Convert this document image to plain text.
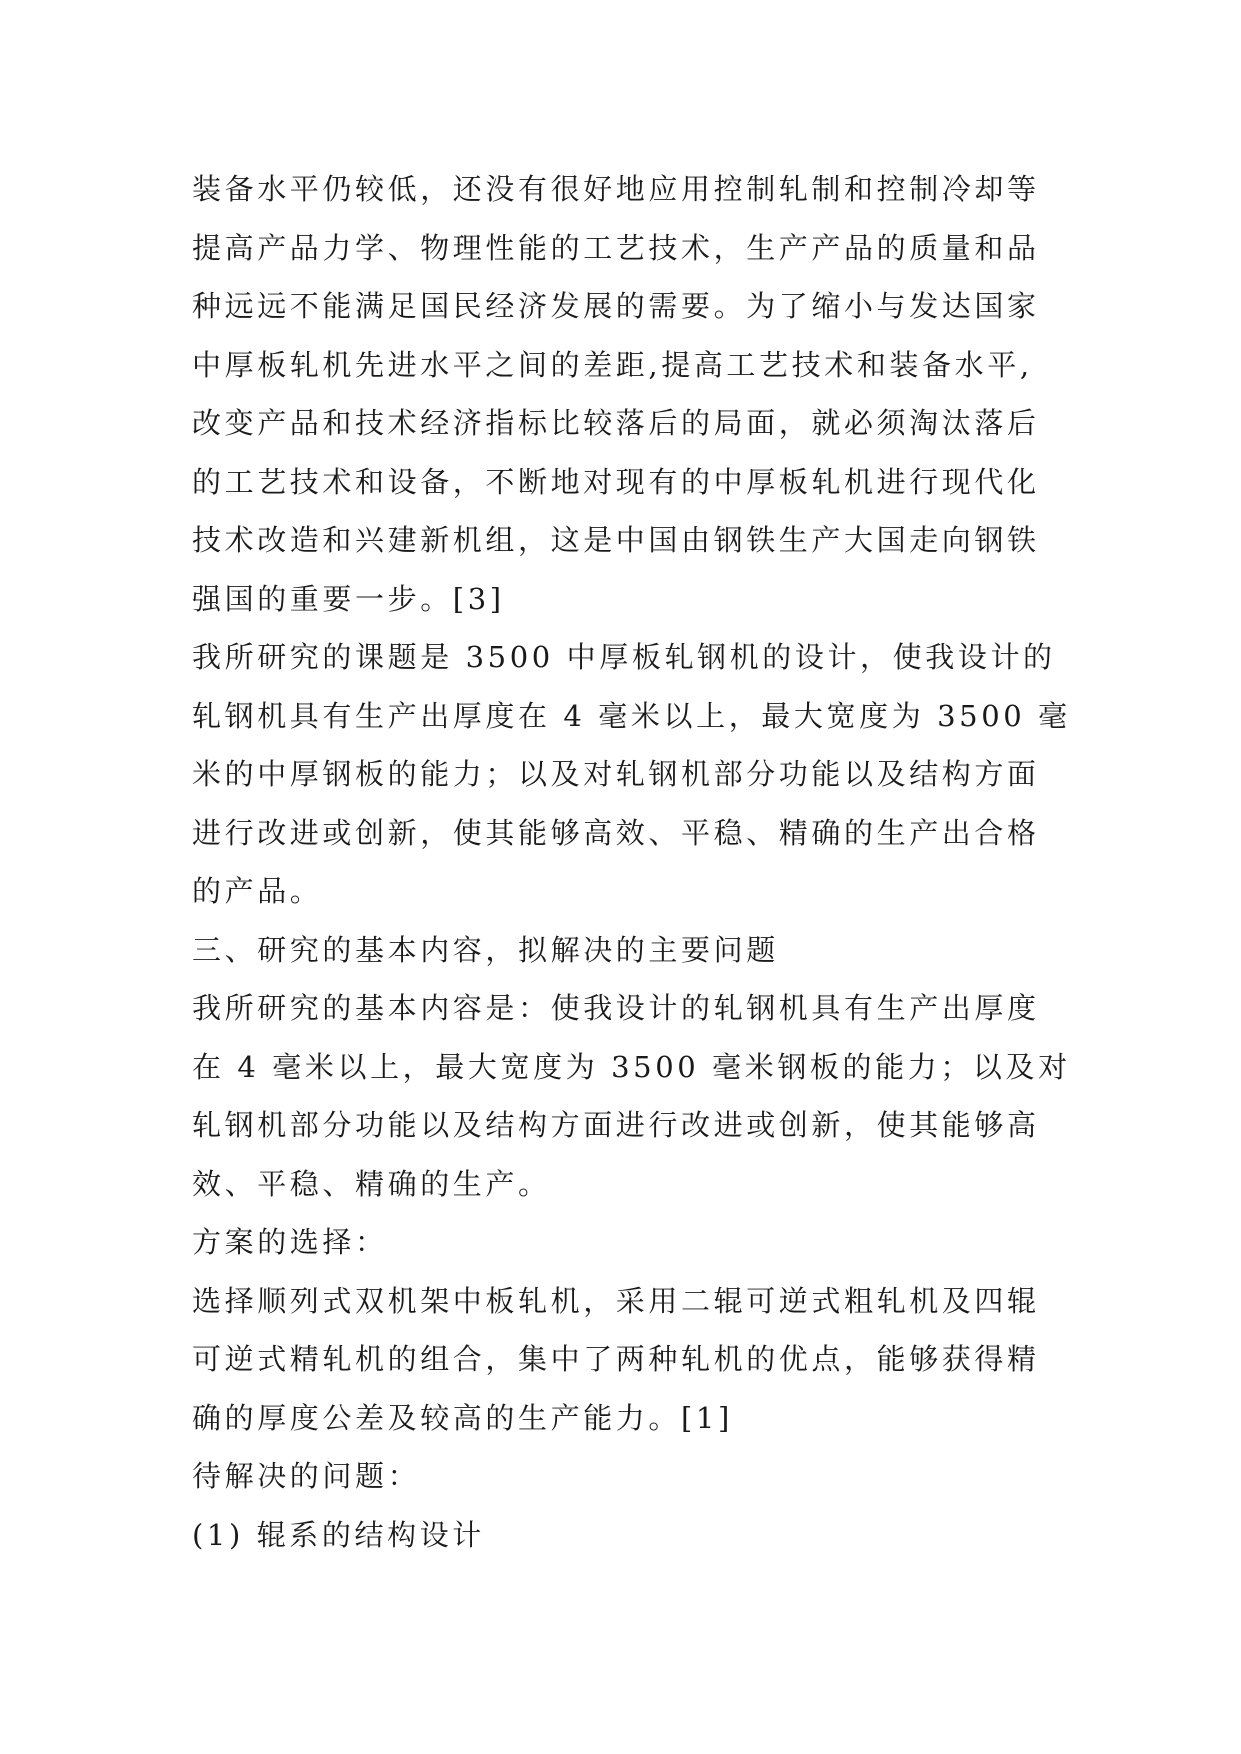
装备水平仍较低，还没有很好地应用控制轧制和控制冷却等
提高产品力学、物理性能的工艺技术，生产产品的质量和品
种远远不能满足国民经济发展的需要。为了缩小与发达国家
中厚板轧机先进水平之间的差距,提高工艺技术和装备水平,
改变产品和技术经济指标比较落后的局面，就必须淘汰落后
的工艺技术和设备，不断地对现有的中厚板轧机进行现代化
技术改造和兴建新机组，这是中国由钢铁生产大国走向钢铁
强国的重要一步。[3]
我所研究的课题是 3500 中厚板轧钢机的设计，使我设计的
轧钢机具有生产出厚度在 4 毫米以上，最大宽度为 3500 毫
米的中厚钢板的能力；以及对轧钢机部分功能以及结构方面
进行改进或创新，使其能够高效、平稳、精确的生产出合格
的产品。
三、研究的基本内容，拟解决的主要问题
我所研究的基本内容是：使我设计的轧钢机具有生产出厚度
在 4 毫米以上，最大宽度为 3500 毫米钢板的能力；以及对
轧钢机部分功能以及结构方面进行改进或创新，使其能够高
效、平稳、精确的生产。
方案的选择：
选择顺列式双机架中板轧机，采用二辊可逆式粗轧机及四辊
可逆式精轧机的组合，集中了两种轧机的优点，能够获得精
确的厚度公差及较高的生产能力。[1]
待解决的问题：
(1) 辊系的结构设计
